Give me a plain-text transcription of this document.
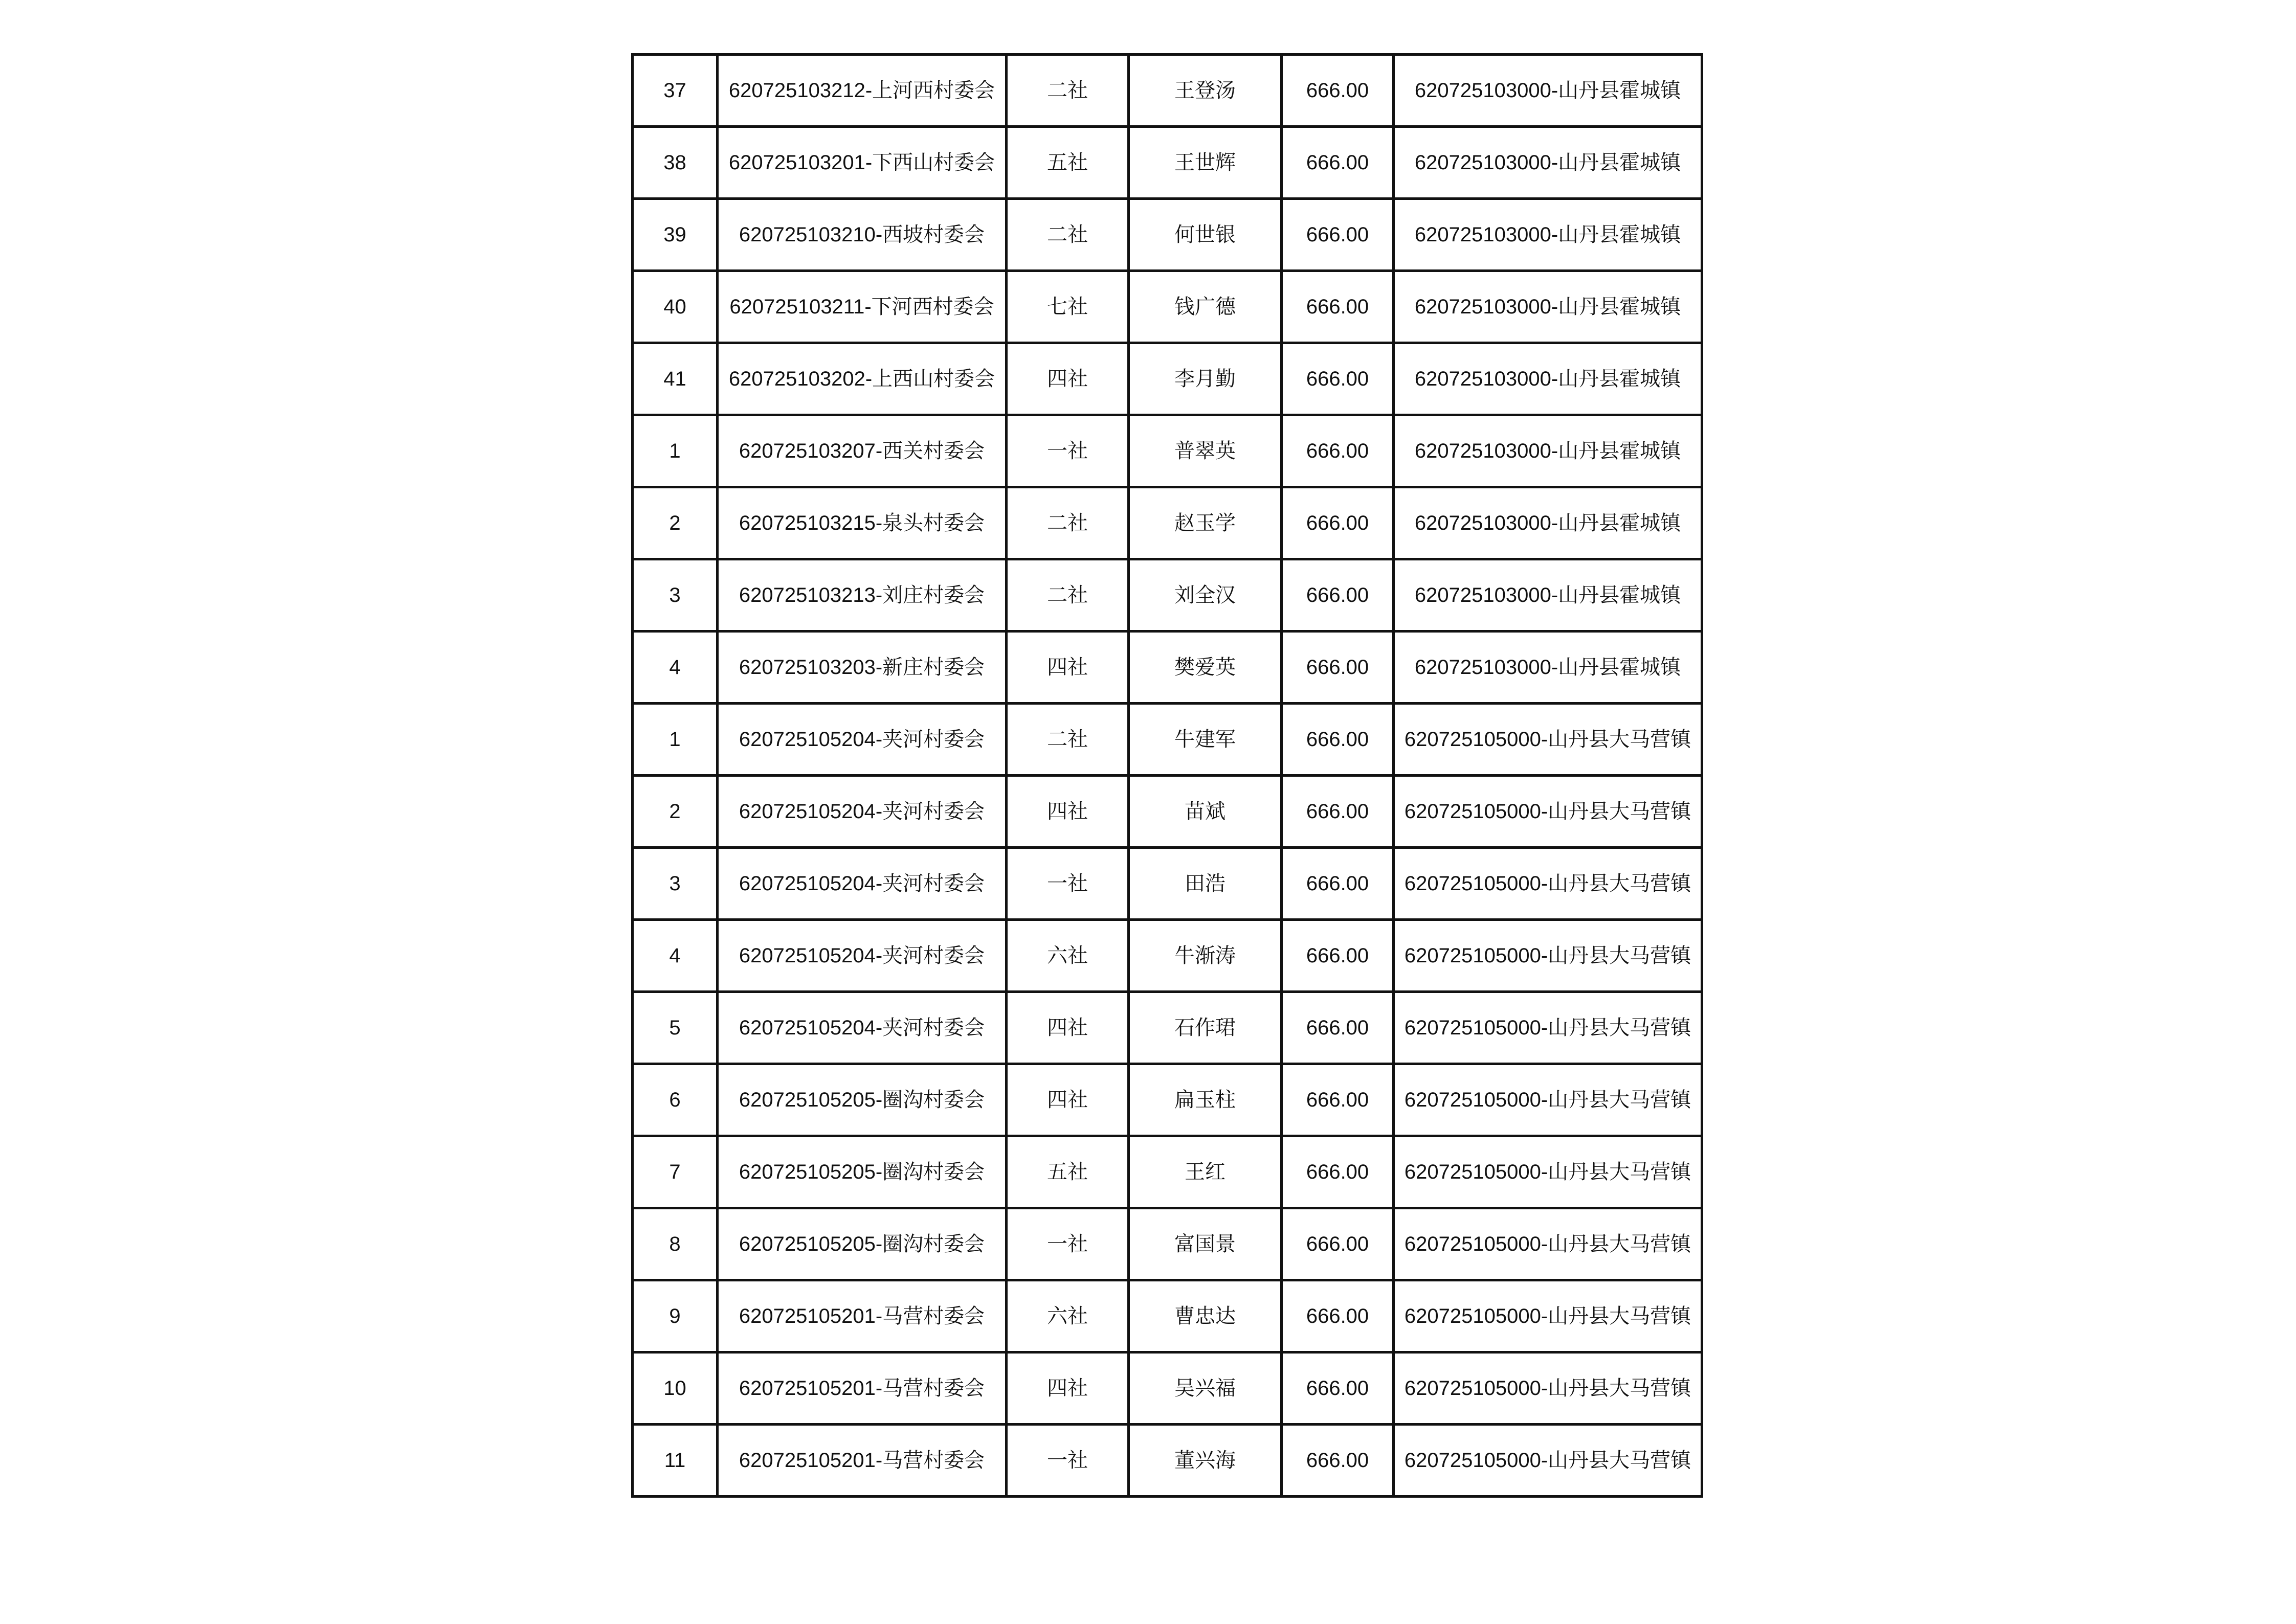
37	620725103212-上河西村委会	二社	王登汤	666.00	620725103000-山丹县霍城镇
38	620725103201-下西山村委会	五社	王世辉	666.00	620725103000-山丹县霍城镇
39	620725103210-西坡村委会	二社	何世银	666.00	620725103000-山丹县霍城镇
40	620725103211-下河西村委会	七社	钱广德	666.00	620725103000-山丹县霍城镇
41	620725103202-上西山村委会	四社	李月勤	666.00	620725103000-山丹县霍城镇
1	620725103207-西关村委会	一社	普翠英	666.00	620725103000-山丹县霍城镇
2	620725103215-泉头村委会	二社	赵玉学	666.00	620725103000-山丹县霍城镇
3	620725103213-刘庄村委会	二社	刘全汉	666.00	620725103000-山丹县霍城镇
4	620725103203-新庄村委会	四社	樊爱英	666.00	620725103000-山丹县霍城镇
1	620725105204-夹河村委会	二社	牛建军	666.00	620725105000-山丹县大马营镇
2	620725105204-夹河村委会	四社	苗斌	666.00	620725105000-山丹县大马营镇
3	620725105204-夹河村委会	一社	田浩	666.00	620725105000-山丹县大马营镇
4	620725105204-夹河村委会	六社	牛渐涛	666.00	620725105000-山丹县大马营镇
5	620725105204-夹河村委会	四社	石作珺	666.00	620725105000-山丹县大马营镇
6	620725105205-圈沟村委会	四社	扁玉柱	666.00	620725105000-山丹县大马营镇
7	620725105205-圈沟村委会	五社	王红	666.00	620725105000-山丹县大马营镇
8	620725105205-圈沟村委会	一社	富国景	666.00	620725105000-山丹县大马营镇
9	620725105201-马营村委会	六社	曹忠达	666.00	620725105000-山丹县大马营镇
10	620725105201-马营村委会	四社	吴兴福	666.00	620725105000-山丹县大马营镇
11	620725105201-马营村委会	一社	董兴海	666.00	620725105000-山丹县大马营镇
